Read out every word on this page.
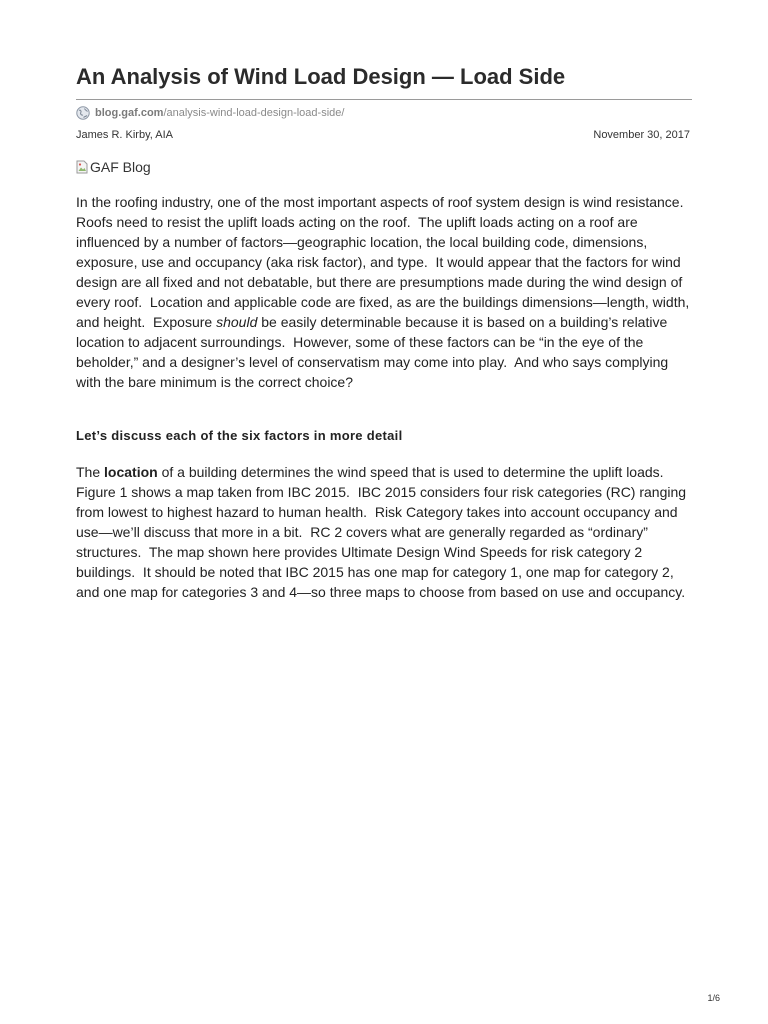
An Analysis of Wind Load Design — Load Side
blog.gaf.com /analysis-wind-load-design-load-side/
James R. Kirby, AIA	November 30, 2017
GAF Blog

In the roofing industry, one of the most important aspects of roof system design is wind resistance.  Roofs need to resist the uplift loads acting on the roof.  The uplift loads acting on a roof are influenced by a number of factors—geographic location, the local building code, dimensions, exposure, use and occupancy (aka risk factor), and type.  It would appear that the factors for wind design are all fixed and not debatable, but there are presumptions made during the wind design of every roof.  Location and applicable code are fixed, as are the buildings dimensions—length, width, and height.  Exposure should be easily determinable because it is based on a building’s relative location to adjacent surroundings.  However, some of these factors can be “in the eye of the beholder,” and a designer’s level of conservatism may come into play.  And who says complying with the bare minimum is the correct choice?

Let’s discuss each of the six factors in more detail

The location of a building determines the wind speed that is used to determine the uplift loads.  Figure 1 shows a map taken from IBC 2015.  IBC 2015 considers four risk categories (RC) ranging from lowest to highest hazard to human health.  Risk Category takes into account occupancy and use—we’ll discuss that more in a bit.  RC 2 covers what are generally regarded as “ordinary” structures.  The map shown here provides Ultimate Design Wind Speeds for risk category 2 buildings.  It should be noted that IBC 2015 has one map for category 1, one map for category 2, and one map for categories 3 and 4—so three maps to choose from based on use and occupancy.

1/6
